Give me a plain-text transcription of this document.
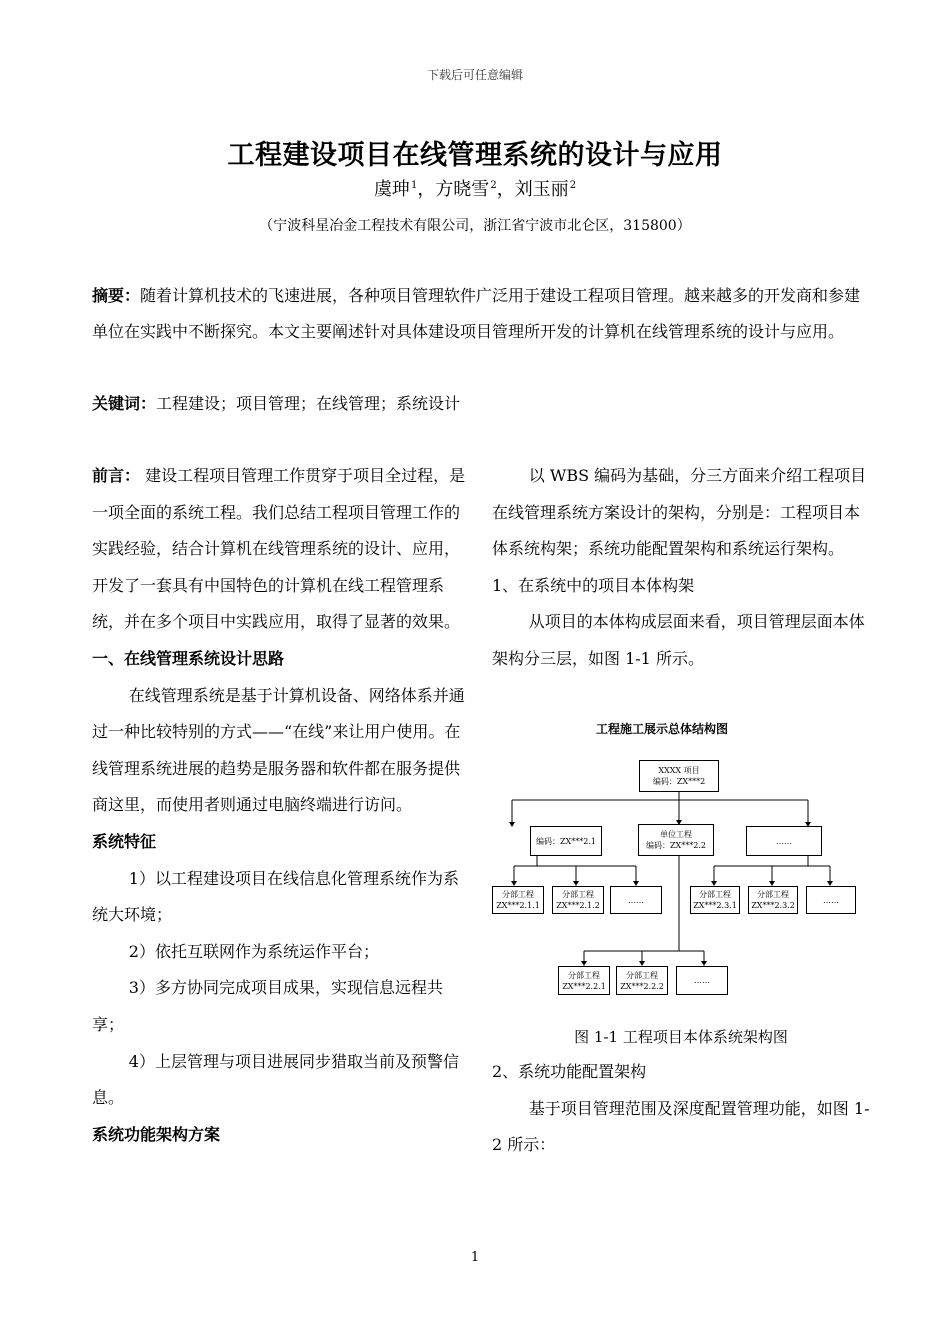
下载后可任意编辑
工程建设项目在线管理系统的设计与应用
虞珅$^1$，方晓雪$^2$，刘玉丽$^2$
（宁波科星冶金工程技术有限公司，浙江省宁波市北仑区，315800）
摘要：随着计算机技术的飞速进展，各种项目管理软件广泛用于建设工程项目管理。越来越多的开发商和参建单位在实践中不断探究。本文主要阐述针对具体建设项目管理所开发的计算机在线管理系统的设计与应用。
关键词：工程建设；项目管理；在线管理；系统设计

前言： 建设工程项目管理工作贯穿于项目全过程，是一项全面的系统工程。我们总结工程项目管理工作的实践经验，结合计算机在线管理系统的设计、应用，开发了一套具有中国特色的计算机在线工程管理系统，并在多个项目中实践应用，取得了显著的效果。

一、在线管理系统设计思路

在线管理系统是基于计算机设备、网络体系并通过一种比较特别的方式——“在线”来让用户使用。在线管理系统进展的趋势是服务器和软件都在服务提供商这里，而使用者则通过电脑终端进行访问。

系统特征

1）以工程建设项目在线信息化管理系统作为系统大环境；

2）依托互联网作为系统运作平台；

3）多方协同完成项目成果，实现信息远程共享；

4）上层管理与项目进展同步猎取当前及预警信息。

系统功能架构方案

以 WBS 编码为基础，分三方面来介绍工程项目在线管理系统方案设计的架构，分别是：工程项目本体系统构架；系统功能配置架构和系统运行架构。

1、在系统中的项目本体构架

从项目的本体构成层面来看，项目管理层面本体架构分三层，如图 1-1 所示。

工程施工展示总体结构图
XXXX 项目
编码：ZX***2
编码：ZX***2.1
单位工程
编码：ZX***2.2	……
分部工程
ZX***2.1.1
分部工程
ZX***2.1.2
……
分部工程
ZX***2.3.1
分部工程
ZX***2.3.2
……
分部工程
ZX***2.2.1
分部工程
ZX***2.2.2
……
图 1-1 工程项目本体系统架构图

2、系统功能配置架构

基于项目管理范围及深度配置管理功能，如图 1-2 所示：

1
